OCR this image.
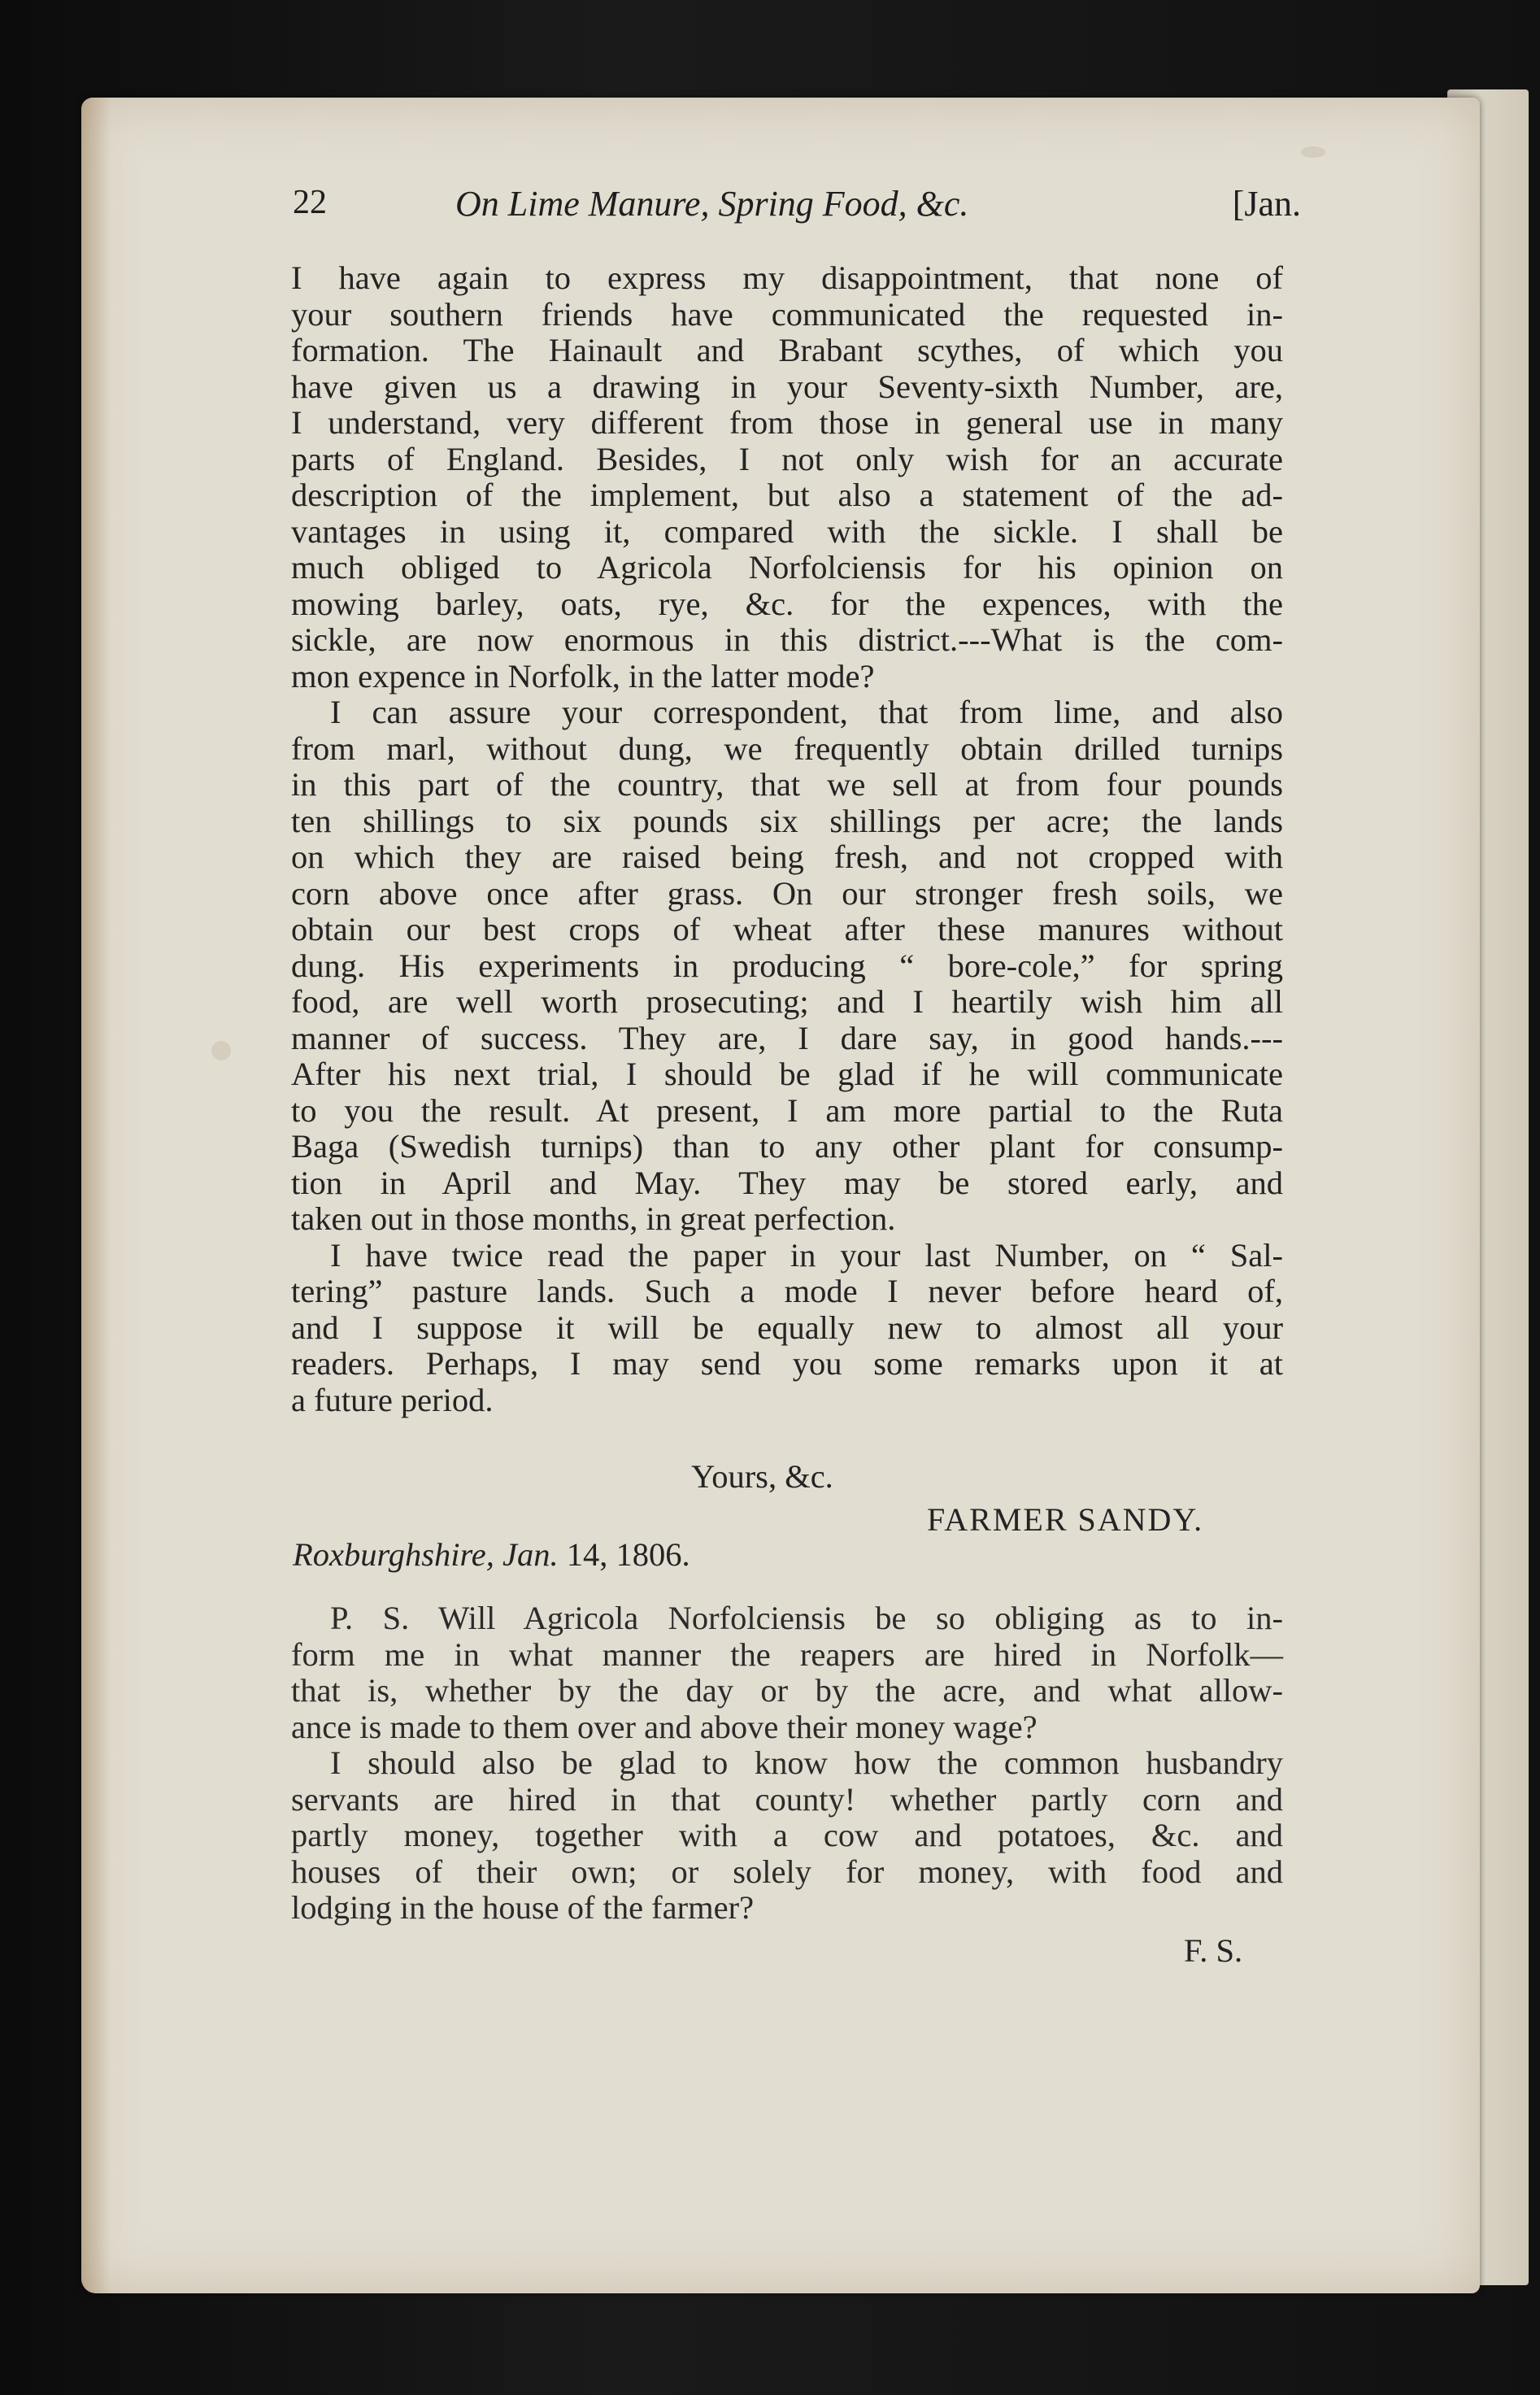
22	On Lime Manure, Spring Food, &c.	[Jan.
I have again to express my disappointment, that none of
your southern friends have communicated the requested in-
formation. The Hainault and Brabant scythes, of which you
have given us a drawing in your Seventy-sixth Number, are,
I understand, very different from those in general use in many
parts of England. Besides, I not only wish for an accurate
description of the implement, but also a statement of the ad-
vantages in using it, compared with the sickle. I shall be
much obliged to Agricola Norfolciensis for his opinion on
mowing barley, oats, rye, &c. for the expences, with the
sickle, are now enormous in this district.---What is the com-
mon expence in Norfolk, in the latter mode?
I can assure your correspondent, that from lime, and also
from marl, without dung, we frequently obtain drilled turnips
in this part of the country, that we sell at from four pounds
ten shillings to six pounds six shillings per acre; the lands
on which they are raised being fresh, and not cropped with
corn above once after grass. On our stronger fresh soils, we
obtain our best crops of wheat after these manures without
dung. His experiments in producing “ bore-cole,” for spring
food, are well worth prosecuting; and I heartily wish him all
manner of success. They are, I dare say, in good hands.---
After his next trial, I should be glad if he will communicate
to you the result. At present, I am more partial to the Ruta
Baga (Swedish turnips) than to any other plant for consump-
tion in April and May. They may be stored early, and
taken out in those months, in great perfection.
I have twice read the paper in your last Number, on “ Sal-
tering” pasture lands. Such a mode I never before heard of,
and I suppose it will be equally new to almost all your
readers. Perhaps, I may send you some remarks upon it at
a future period.
Yours, &c.
FARMER SANDY.
Roxburghshire, Jan. 14, 1806.
P. S. Will Agricola Norfolciensis be so obliging as to in-
form me in what manner the reapers are hired in Norfolk—
that is, whether by the day or by the acre, and what allow-
ance is made to them over and above their money wage?
I should also be glad to know how the common husbandry
servants are hired in that county! whether partly corn and
partly money, together with a cow and potatoes, &c. and
houses of their own; or solely for money, with food and
lodging in the house of the farmer?
F. S.
